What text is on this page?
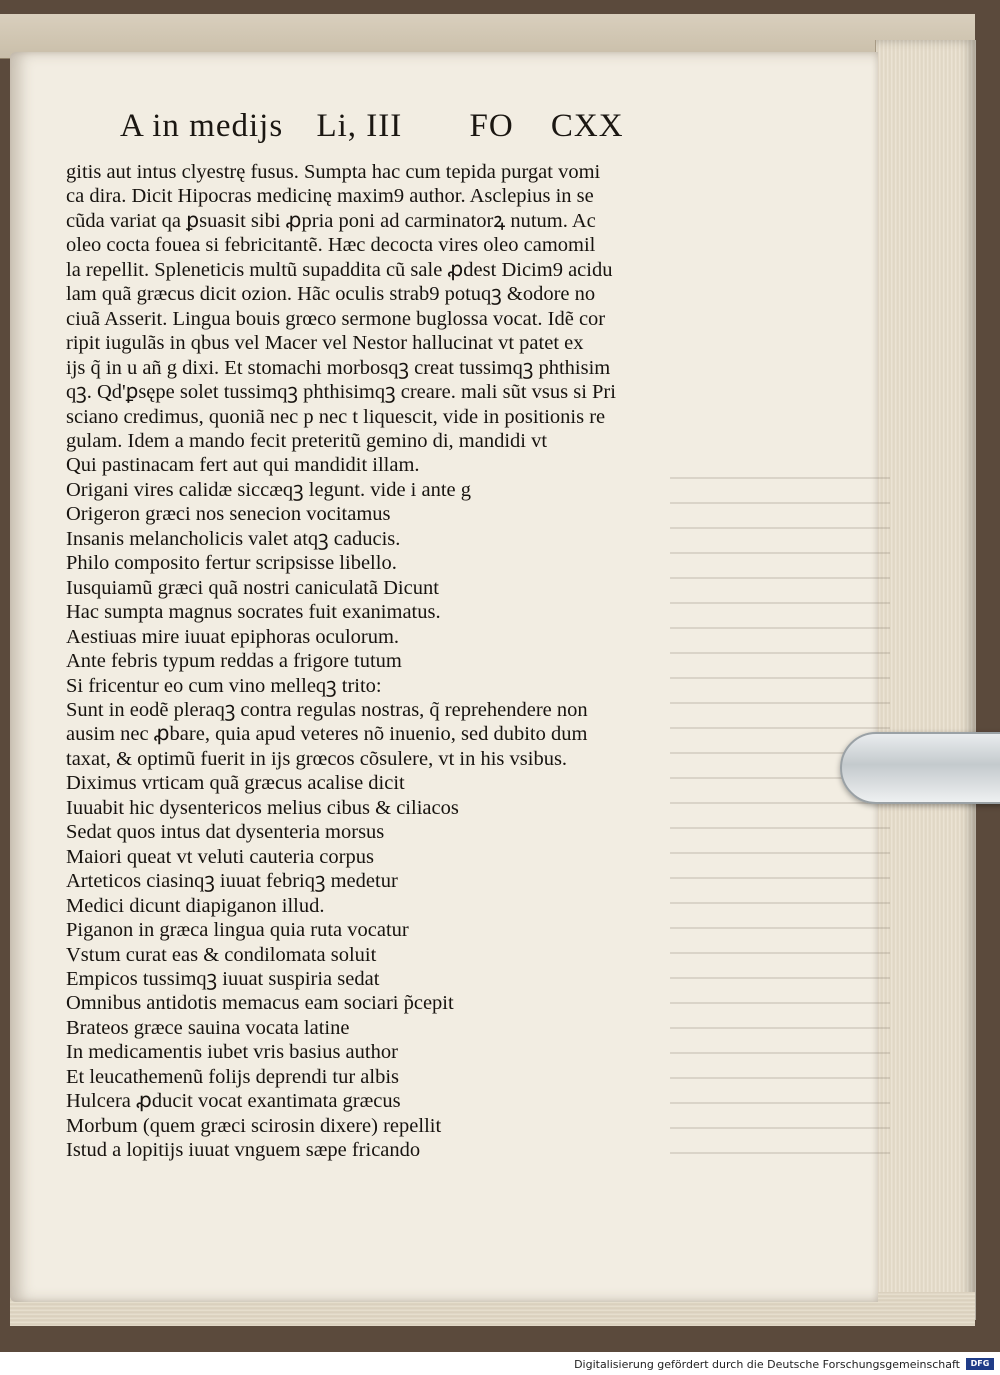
A in medijs Li, III FO CXX
gitis aut intus clyestrę fusus. Sumpta hac cum tepida purgat vomi
ca dira. Dicit Hipocras medicinę maxim9 author. Asclepius in se
cũda variat qa ꝑsuasit sibi ꝓpria poni ad carminatorꝝ nutum. Ac
oleo cocta fouea si febricitantẽ. Hæc decocta vires oleo camomil
la repellit. Spleneticis multũ supaddita cũ sale ꝓdest Dicim9 acidu
lam quã græcus dicit ozion. Hãc oculis strab9 potuqꝫ &odore no
ciuã Asserit. Lingua bouis grœco sermone buglossa vocat. Idẽ cor
ripit iugulãs in qbus vel Macer vel Nestor hallucinat vt patet ex
ijs q̃ in u añ g dixi. Et stomachi morbosqꝫ creat tussimqꝫ phthisim
qꝫ. Qd'ꝑsępe solet tussimqꝫ phthisimqꝫ creare. mali sũt vsus si Pri
sciano credimus, quoniã nec p nec t liquescit, vide in positionis re
gulam. Idem a mando fecit preteritũ gemino di, mandidi vt
Qui pastinacam fert aut qui mandidit illam.
Origani vires calidæ siccæqꝫ legunt. vide i ante g
Origeron græci nos senecion vocitamus
Insanis melancholicis valet atqꝫ caducis.
Philo composito fertur scripsisse libello.
Iusquiamũ græci quã nostri caniculatã Dicunt
Hac sumpta magnus socrates fuit exanimatus.
Aestiuas mire iuuat epiphoras oculorum.
Ante febris typum reddas a frigore tutum
Si fricentur eo cum vino melleqꝫ trito:
Sunt in eodẽ pleraqꝫ contra regulas nostras, q̃ reprehendere non
ausim nec ꝓbare, quia apud veteres nõ inuenio, sed dubito dum
taxat, & optimũ fuerit in ijs grœcos cõsulere, vt in his vsibus.
Diximus vrticam quã græcus acalise dicit
Iuuabit hic dysentericos melius cibus & ciliacos
Sedat quos intus dat dysenteria morsus
Maiori queat vt veluti cauteria corpus
Arteticos ciasinqꝫ iuuat febriqꝫ medetur
Medici dicunt diapiganon illud.
Piganon in græca lingua quia ruta vocatur
Vstum curat eas & condilomata soluit
Empicos tussimqꝫ iuuat suspiria sedat
Omnibus antidotis memacus eam sociari p̃cepit
Brateos græce sauina vocata latine
In medicamentis iubet vris basius author
Et leucathemenũ folijs deprendi tur albis
Hulcera ꝓducit vocat exantimata græcus
Morbum (quem græci scirosin dixere) repellit
Istud a lopitijs iuuat vnguem sæpe fricando
Digitalisierung gefördert durch die Deutsche Forschungsgemeinschaft	DFG
